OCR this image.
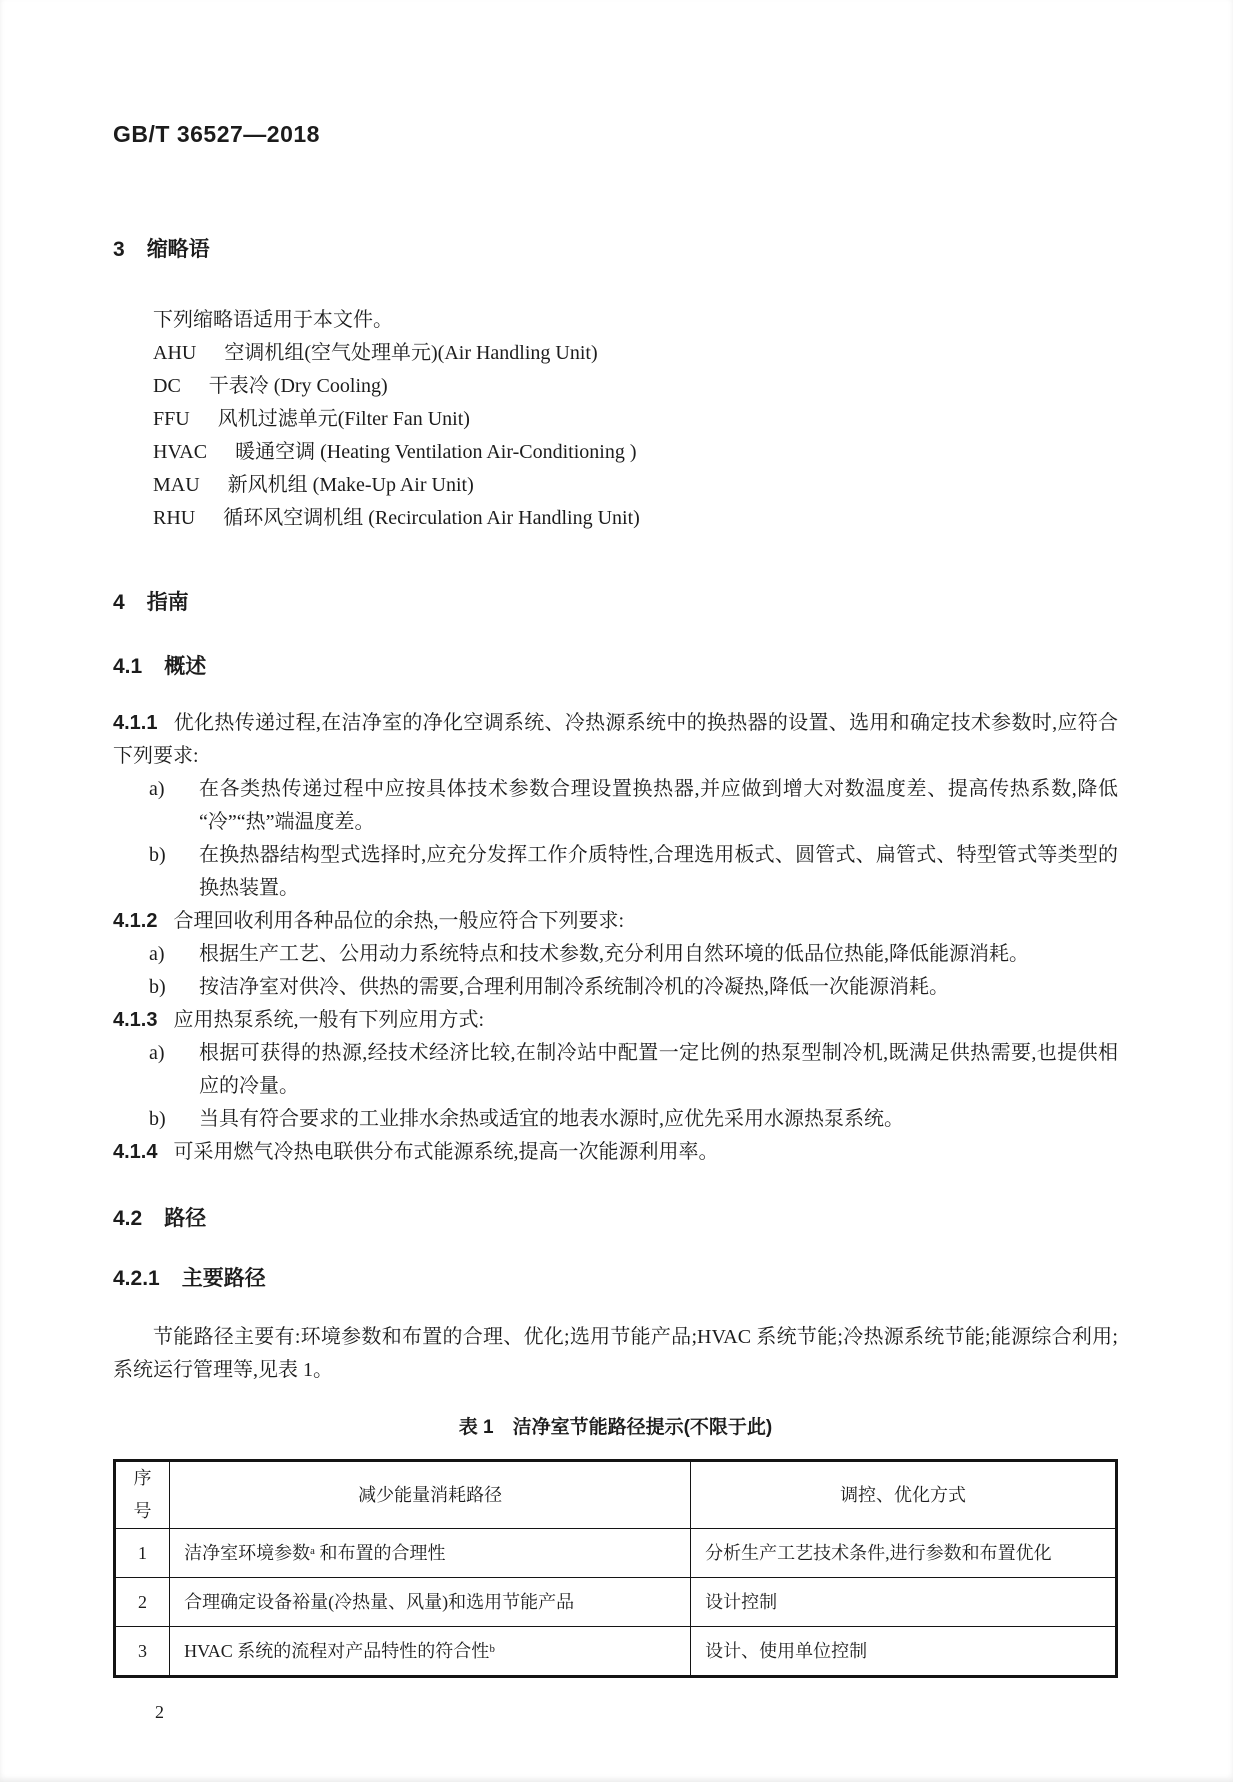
GB/T 36527—2018
3 缩略语

下列缩略语适用于本文件。

AHU 空调机组(空气处理单元)(Air Handling Unit)
DC 干表冷 (Dry Cooling)
FFU 风机过滤单元(Filter Fan Unit)
HVAC 暖通空调 (Heating Ventilation Air-Conditioning )
MAU 新风机组 (Make-Up Air Unit)
RHU 循环风空调机组 (Recirculation Air Handling Unit)
4 指南
4.1 概述

4.1.1 优化热传递过程,在洁净室的净化空调系统、冷热源系统中的换热器的设置、选用和确定技术参数时,应符合下列要求:

a)	在各类热传递过程中应按具体技术参数合理设置换热器,并应做到增大对数温度差、提高传热系数,降低“冷”“热”端温度差。
b)	在换热器结构型式选择时,应充分发挥工作介质特性,合理选用板式、圆管式、扁管式、特型管式等类型的换热装置。

4.1.2 合理回收利用各种品位的余热,一般应符合下列要求:

a)	根据生产工艺、公用动力系统特点和技术参数,充分利用自然环境的低品位热能,降低能源消耗。
b)	按洁净室对供冷、供热的需要,合理利用制冷系统制冷机的冷凝热,降低一次能源消耗。

4.1.3 应用热泵系统,一般有下列应用方式:

a)	根据可获得的热源,经技术经济比较,在制冷站中配置一定比例的热泵型制冷机,既满足供热需要,也提供相应的冷量。
b)	当具有符合要求的工业排水余热或适宜的地表水源时,应优先采用水源热泵系统。

4.1.4 可采用燃气冷热电联供分布式能源系统,提高一次能源利用率。

4.2 路径
4.2.1 主要路径

节能路径主要有:环境参数和布置的合理、优化;选用节能产品;HVAC 系统节能;冷热源系统节能;能源综合利用;系统运行管理等,见表 1。

表 1　洁净室节能路径提示(不限于此)
序号	减少能量消耗路径	调控、优化方式
1	洁净室环境参数ᵃ 和布置的合理性	分析生产工艺技术条件,进行参数和布置优化
2	合理确定设备裕量(冷热量、风量)和选用节能产品	设计控制
3	HVAC 系统的流程对产品特性的符合性ᵇ	设计、使用单位控制
2
